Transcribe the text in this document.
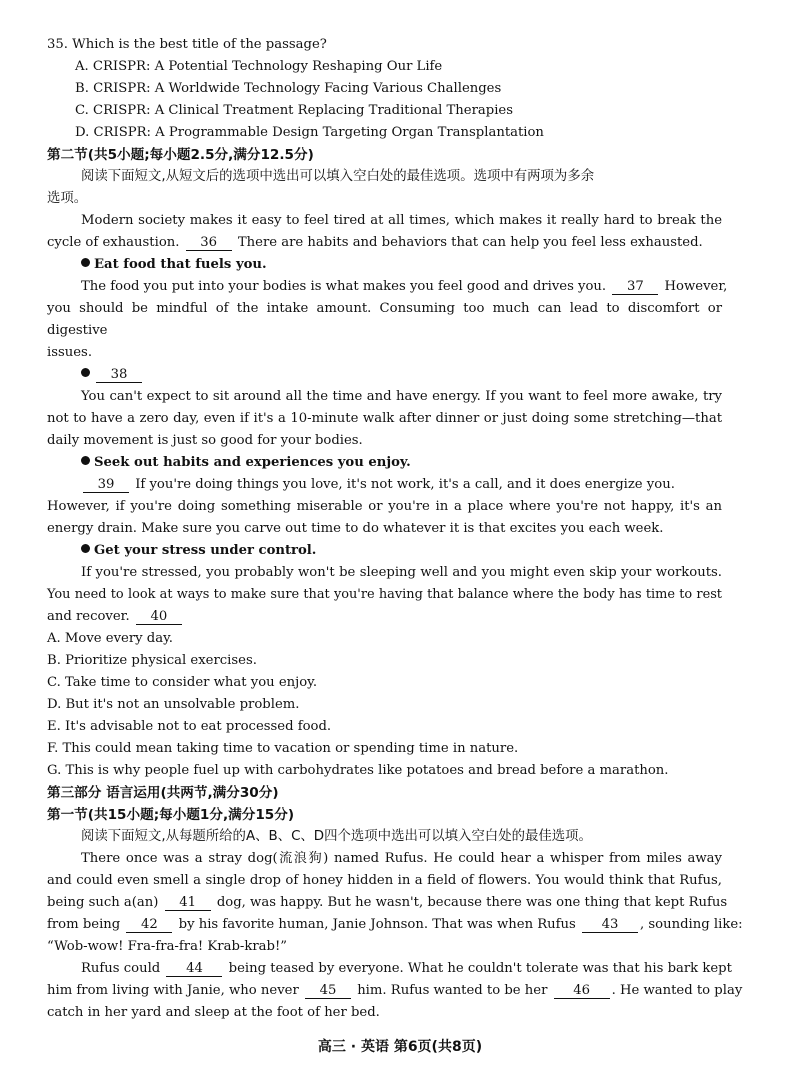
35. Which is the best title of the passage?
A. CRISPR: A Potential Technology Reshaping Our Life
B. CRISPR: A Worldwide Technology Facing Various Challenges
C. CRISPR: A Clinical Treatment Replacing Traditional Therapies
D. CRISPR: A Programmable Design Targeting Organ Transplantation
第二节(共5小题;每小题2.5分,满分12.5分)
阅读下面短文,从短文后的选项中选出可以填入空白处的最佳选项。选项中有两项为多余
选项。
Modern society makes it easy to feel tired at all times, which makes it really hard to break the
cycle of exhaustion. 36 There are habits and behaviors that can help you feel less exhausted.
Eat food that fuels you.
The food you put into your bodies is what makes you feel good and drives you. 37 However,
you should be mindful of the intake amount. Consuming too much can lead to discomfort or digestive
issues.
38
You can't expect to sit around all the time and have energy. If you want to feel more awake, try
not to have a zero day, even if it's a 10-minute walk after dinner or just doing some stretching—that
daily movement is just so good for your bodies.
Seek out habits and experiences you enjoy.
39 If you're doing things you love, it's not work, it's a call, and it does energize you.
However, if you're doing something miserable or you're in a place where you're not happy, it's an
energy drain. Make sure you carve out time to do whatever it is that excites you each week.
Get your stress under control.
If you're stressed, you probably won't be sleeping well and you might even skip your workouts.
You need to look at ways to make sure that you're having that balance where the body has time to rest
and recover. 40
A. Move every day.
B. Prioritize physical exercises.
C. Take time to consider what you enjoy.
D. But it's not an unsolvable problem.
E. It's advisable not to eat processed food.
F. This could mean taking time to vacation or spending time in nature.
G. This is why people fuel up with carbohydrates like potatoes and bread before a marathon.
第三部分 语言运用(共两节,满分30分)
第一节(共15小题;每小题1分,满分15分)
阅读下面短文,从每题所给的A、B、C、D四个选项中选出可以填入空白处的最佳选项。
There once was a stray dog(流浪狗) named Rufus. He could hear a whisper from miles away
and could even smell a single drop of honey hidden in a field of flowers. You would think that Rufus,
being such a(an) 41 dog, was happy. But he wasn't, because there was one thing that kept Rufus
from being 42 by his favorite human, Janie Johnson. That was when Rufus 43 , sounding like:
“Wob-wow! Fra-fra-fra! Krab-krab!”
Rufus could 44 being teased by everyone. What he couldn't tolerate was that his bark kept
him from living with Janie, who never 45 him. Rufus wanted to be her 46 . He wanted to play
catch in her yard and sleep at the foot of her bed.
高三 · 英语 第6页(共8页)
